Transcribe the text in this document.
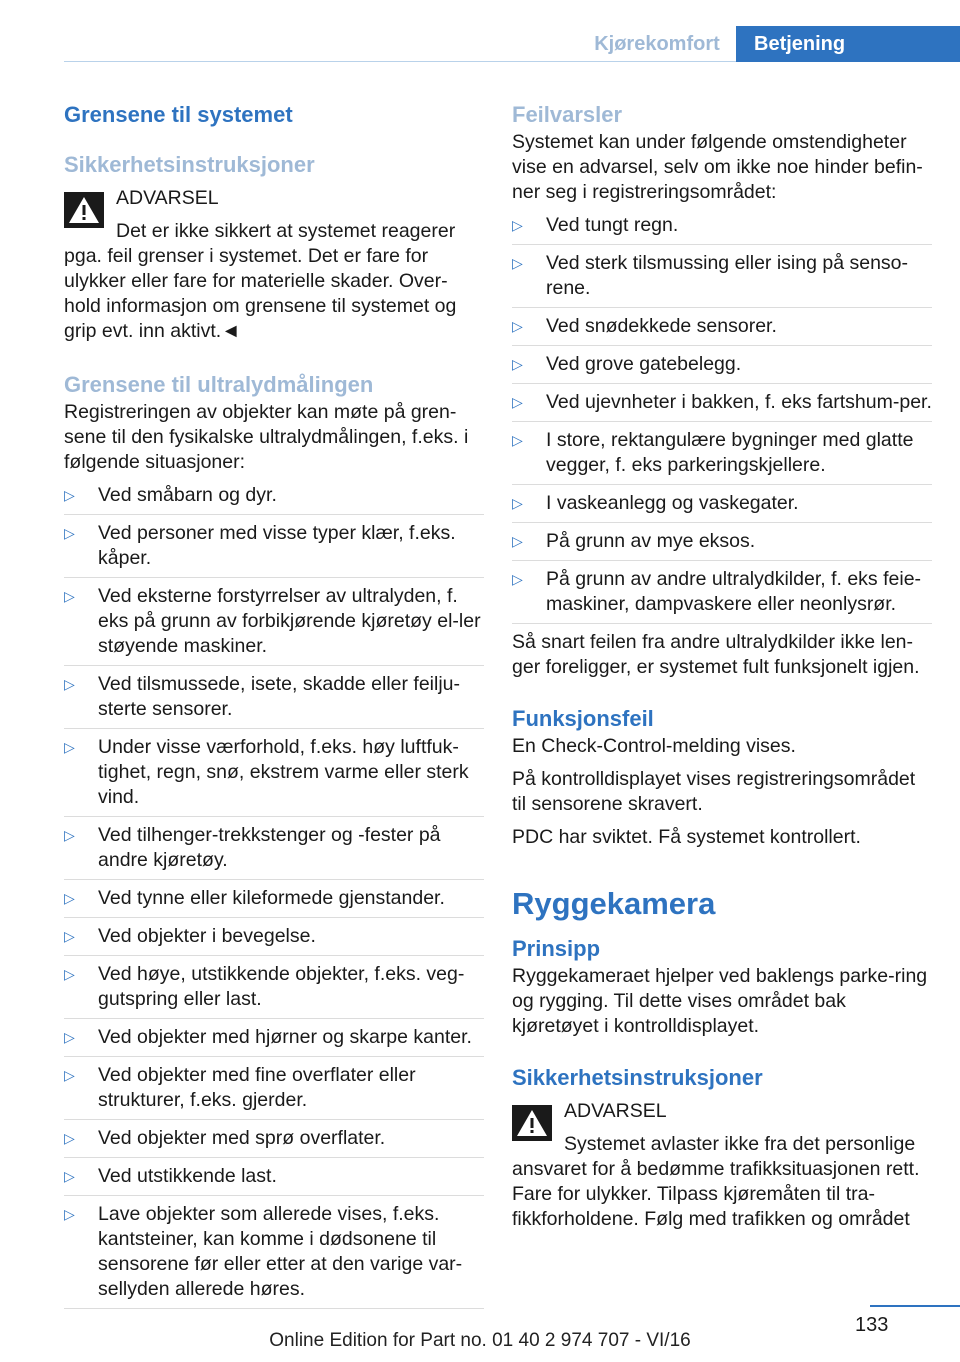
Kjørekomfort	Betjening

Grensene til systemet

Sikkerhetsinstruksjoner

ADVARSEL
Det er ikke sikkert at systemet reagerer

pga. feil grenser i systemet. Det er fare for ulykker eller fare for materielle skader. Over-hold informasjon om grensene til systemet og grip evt. inn aktivt.◄

Grensene til ultralydmålingen

Registreringen av objekter kan møte på gren-sene til den fysikalske ultralydmålingen, f.eks. i følgende situasjoner:

▷ Ved småbarn og dyr.
▷ Ved personer med visse typer klær, f.eks. kåper.
▷ Ved eksterne forstyrrelser av ultralyden, f. eks på grunn av forbikjørende kjøretøy el-ler støyende maskiner.
▷ Ved tilsmussede, isete, skadde eller feilju-sterte sensorer.
▷ Under visse værforhold, f.eks. høy luftfuk-tighet, regn, snø, ekstrem varme eller sterk vind.
▷ Ved tilhenger-trekkstenger og -fester på andre kjøretøy.
▷ Ved tynne eller kileformede gjenstander.
▷ Ved objekter i bevegelse.
▷ Ved høye, utstikkende objekter, f.eks. veg-gutspring eller last.
▷ Ved objekter med hjørner og skarpe kanter.
▷ Ved objekter med fine overflater eller strukturer, f.eks. gjerder.
▷ Ved objekter med sprø overflater.
▷ Ved utstikkende last.
▷ Lave objekter som allerede vises, f.eks. kantsteiner, kan komme i dødsonene til sensorene før eller etter at den varige var-sellyden allerede høres.

Feilvarsler

Systemet kan under følgende omstendigheter vise en advarsel, selv om ikke noe hinder befin-ner seg i registreringsområdet:

▷ Ved tungt regn.
▷ Ved sterk tilsmussing eller ising på senso-rene.
▷ Ved snødekkede sensorer.
▷ Ved grove gatebelegg.
▷ Ved ujevnheter i bakken, f. eks fartshum-per.
▷ I store, rektangulære bygninger med glatte vegger, f. eks parkeringskjellere.
▷ I vaskeanlegg og vaskegater.
▷ På grunn av mye eksos.
▷ På grunn av andre ultralydkilder, f. eks feie-maskiner, dampvaskere eller neonlysrør.

Så snart feilen fra andre ultralydkilder ikke len-ger foreligger, er systemet fult funksjonelt igjen.

Funksjonsfeil

En Check-Control-melding vises.

På kontrolldisplayet vises registreringsområdet til sensorene skravert.

PDC har sviktet. Få systemet kontrollert.

Ryggekamera

Prinsipp

Ryggekameraet hjelper ved baklengs parke-ring og rygging. Til dette vises området bak kjøretøyet i kontrolldisplayet.

Sikkerhetsinstruksjoner

ADVARSEL
Systemet avlaster ikke fra det personlige

ansvaret for å bedømme trafikksituasjonen rett. Fare for ulykker. Tilpass kjøremåten til tra-fikkforholdene. Følg med trafikken og området

133
Online Edition for Part no. 01 40 2 974 707 - VI/16
